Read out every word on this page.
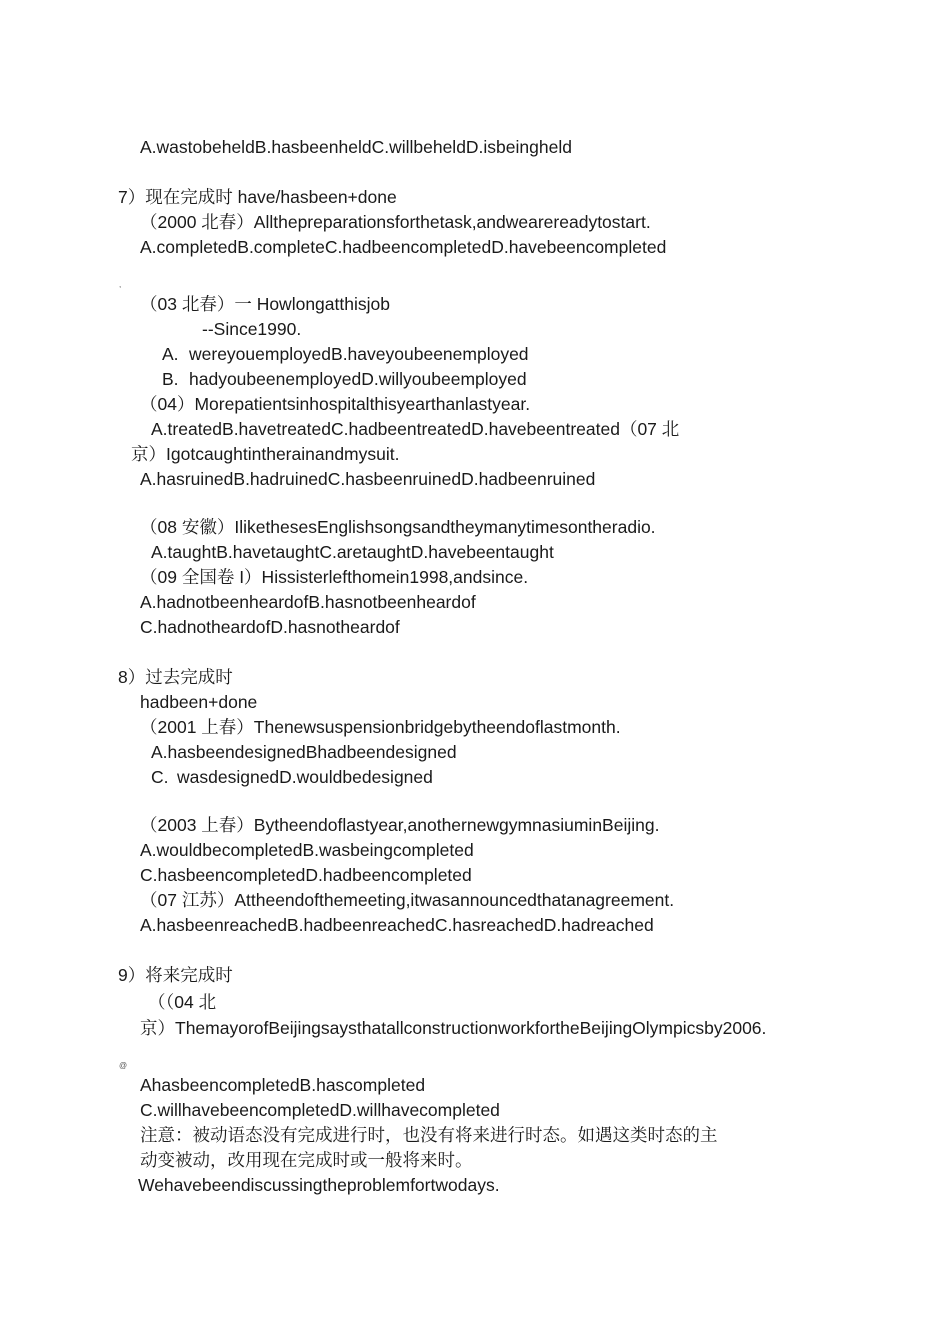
A.wastobeheldB.hasbeenheldC.willbeheldD.isbeingheld
7）现在完成时 have/hasbeen+done
（2000 北春）Allthepreparationsforthetask,andwearereadytostart.
A.completedB.completeC.hadbeencompletedD.havebeencompleted
,
（03 北春）一 Howlongatthisjob
--Since1990.
A. wereyouemployedB.haveyoubeenemployed
B. hadyoubeenemployedD.willyoubeemployed
（04）Morepatientsinhospitalthisyearthanlastyear.
A.treatedB.havetreatedC.hadbeentreatedD.havebeentreated（07 北
京）Igotcaughtintherainandmysuit.
A.hasruinedB.hadruinedC.hasbeenruinedD.hadbeenruined
（08 安徽）IlikethesesEnglishsongsandtheymanytimesontheradio.
A.taughtB.havetaughtC.aretaughtD.havebeentaught
（09 全国卷 I）Hissisterlefthomein1998,andsince.
A.hadnotbeenheardofB.hasnotbeenheardof
C.hadnotheardofD.hasnotheardof
8）过去完成时
hadbeen+done
（2001 上春）Thenewsuspensionbridgebytheendoflastmonth.
A.hasbeendesignedBhadbeendesigned
C. wasdesignedD.wouldbedesigned
（2003 上春）Bytheendoflastyear,anothernewgymnasiuminBeijing.
A.wouldbecompletedB.wasbeingcompleted
C.hasbeencompletedD.hadbeencompleted
（07 江苏）Attheendofthemeeting,itwasannouncedthatanagreement.
A.hasbeenreachedB.hadbeenreachedC.hasreachedD.hadreached
9）将来完成时
（（04 北
京）ThemayorofBeijingsaysthatallconstructionworkfortheBeijingOlympicsby2006.
@
AhasbeencompletedB.hascompleted
C.willhavebeencompletedD.willhavecompleted
注意：被动语态没有完成进行时，也没有将来进行时态。如遇这类时态的主
动变被动，改用现在完成时或一般将来时。
Wehavebeendiscussingtheproblemfortwodays.
